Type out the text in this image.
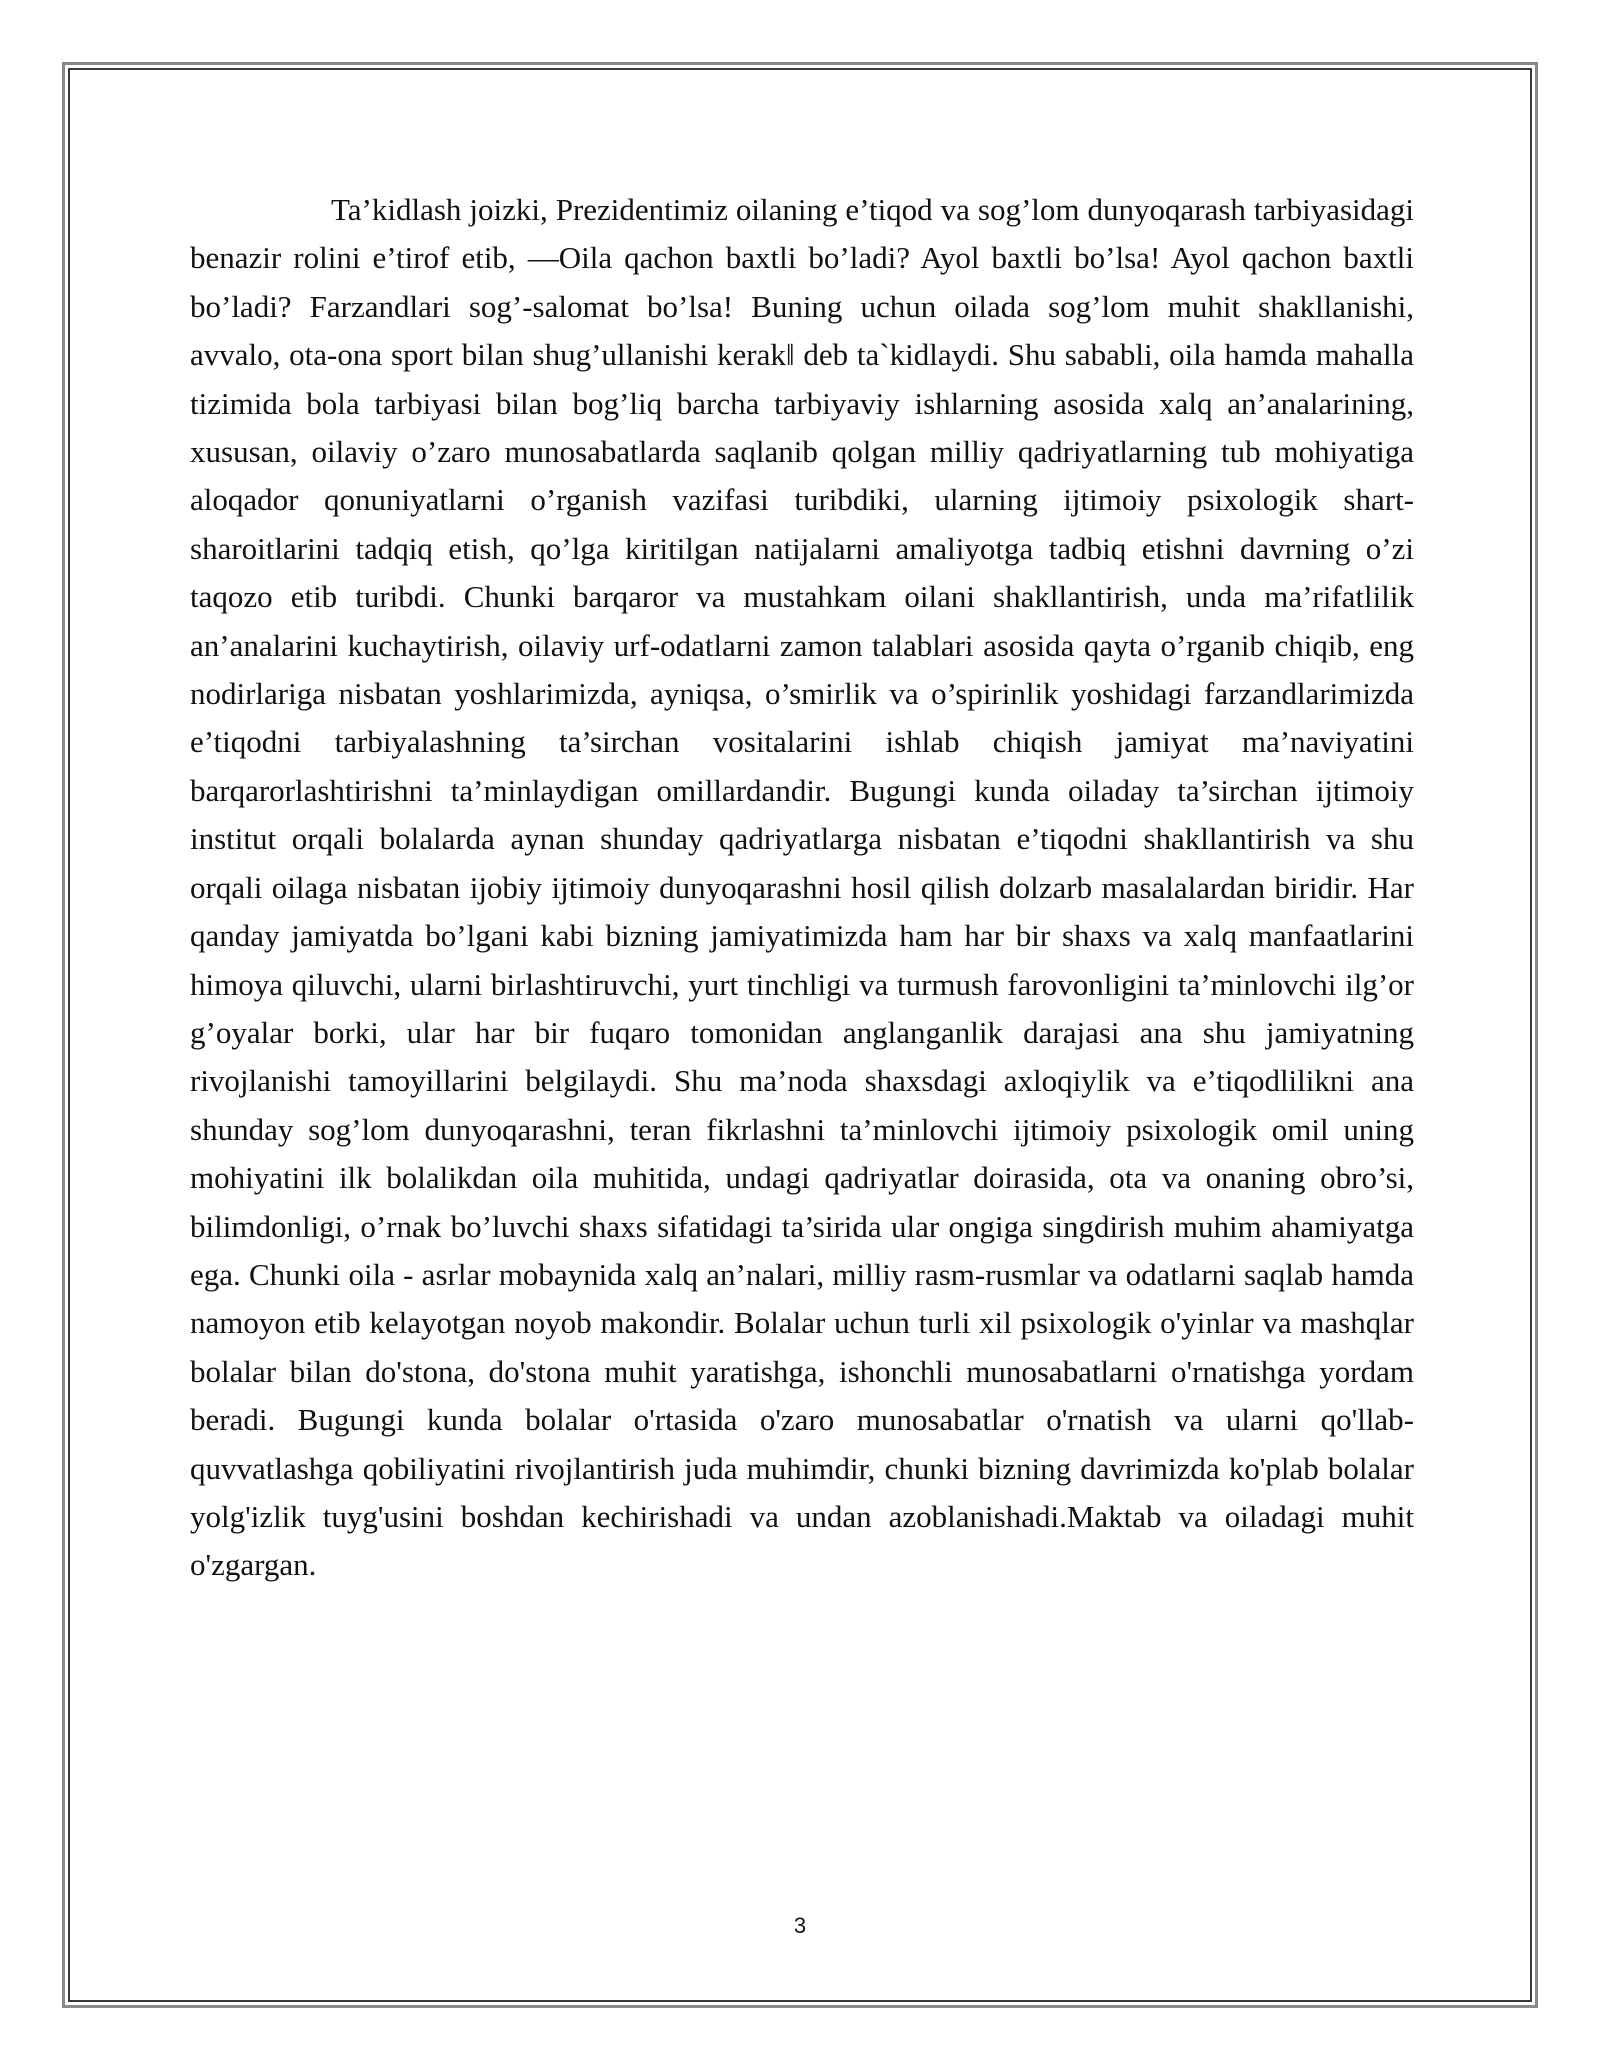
Ta’kidlash joizki, Prezidentimiz oilaning e’tiqod va sog’lom dunyoqarash tarbiyasidagi benazir rolini e’tirof etib, ―Oila qachon baxtli bo’ladi? Ayol baxtli bo’lsa! Ayol qachon baxtli bo’ladi? Farzandlari sog’-salomat bo’lsa! Buning uchun oilada sog’lom muhit shakllanishi, avvalo, ota-ona sport bilan shug’ullanishi kerak‖ deb ta`kidlaydi. Shu sababli, oila hamda mahalla tizimida bola tarbiyasi bilan bog’liq barcha tarbiyaviy ishlarning asosida xalq an’analarining, xususan, oilaviy o’zaro munosabatlarda saqlanib qolgan milliy qadriyatlarning tub mohiyatiga aloqador qonuniyatlarni o’rganish vazifasi turibdiki, ularning ijtimoiy psixologik shart-sharoitlarini tadqiq etish, qo’lga kiritilgan natijalarni amaliyotga tadbiq etishni davrning o’zi taqozo etib turibdi. Chunki barqaror va mustahkam oilani shakllantirish, unda ma’rifatlilik an’analarini kuchaytirish, oilaviy urf-odatlarni zamon talablari asosida qayta o’rganib chiqib, eng nodirlariga nisbatan yoshlarimizda, ayniqsa, o’smirlik va o’spirinlik yoshidagi farzandlarimizda e’tiqodni tarbiyalashning ta’sirchan vositalarini ishlab chiqish jamiyat ma’naviyatini barqarorlashtirishni ta’minlaydigan omillardandir. Bugungi kunda oiladay ta’sirchan ijtimoiy institut orqali bolalarda aynan shunday qadriyatlarga nisbatan e’tiqodni shakllantirish va shu orqali oilaga nisbatan ijobiy ijtimoiy dunyoqarashni hosil qilish dolzarb masalalardan biridir. Har qanday jamiyatda bo’lgani kabi bizning jamiyatimizda ham har bir shaxs va xalq manfaatlarini himoya qiluvchi, ularni birlashtiruvchi, yurt tinchligi va turmush farovonligini ta’minlovchi ilg’or g’oyalar borki, ular har bir fuqaro tomonidan anglanganlik darajasi ana shu jamiyatning rivojlanishi tamoyillarini belgilaydi. Shu ma’noda shaxsdagi axloqiylik va e’tiqodlilikni ana shunday sog’lom dunyoqarashni, teran fikrlashni ta’minlovchi ijtimoiy psixologik omil uning mohiyatini ilk bolalikdan oila muhitida, undagi qadriyatlar doirasida, ota va onaning obro’si, bilimdonligi, o’rnak bo’luvchi shaxs sifatidagi ta’sirida ular ongiga singdirish muhim ahamiyatga ega. Chunki oila - asrlar mobaynida xalq an’nalari, milliy rasm-rusmlar va odatlarni saqlab hamda namoyon etib kelayotgan noyob makondir. Bolalar uchun turli xil psixologik o'yinlar va mashqlar bolalar bilan do'stona, do'stona muhit yaratishga, ishonchli munosabatlarni o'rnatishga yordam beradi. Bugungi kunda bolalar o'rtasida o'zaro munosabatlar o'rnatish va ularni qo'llab-quvvatlashga qobiliyatini rivojlantirish juda muhimdir, chunki bizning davrimizda ko'plab bolalar yolg'izlik tuyg'usini boshdan kechirishadi va undan azoblanishadi.Maktab va oiladagi muhit o'zgargan.

3
